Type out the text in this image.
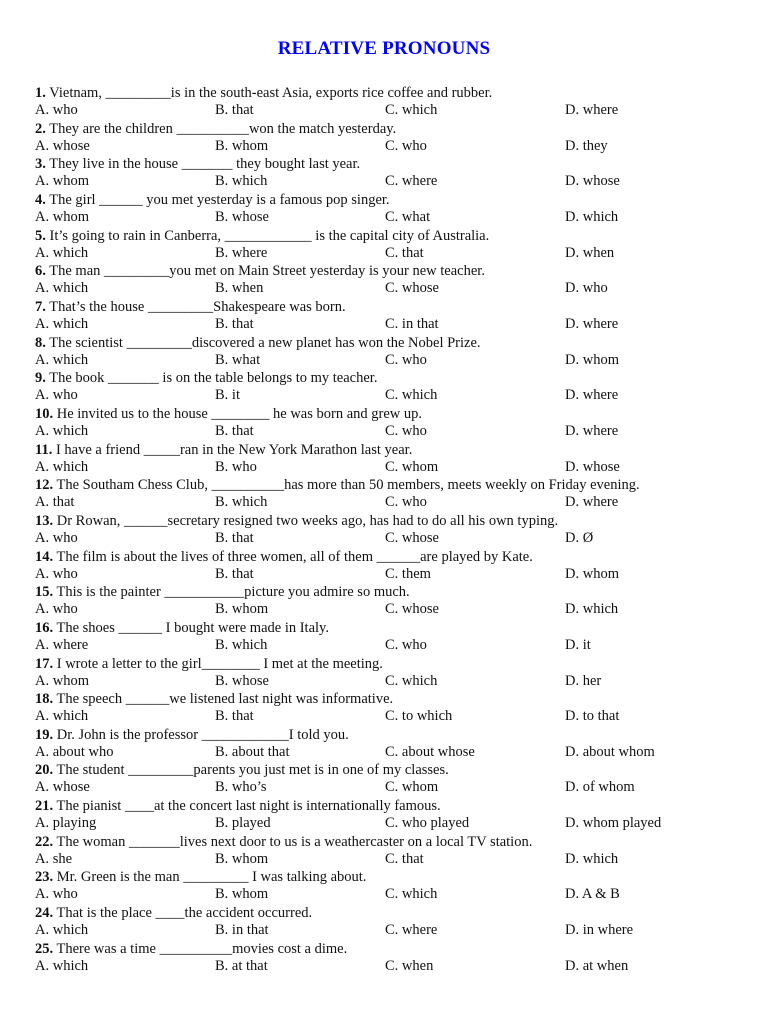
RELATIVE PRONOUNS
1. Vietnam, _________is in the south-east Asia, exports rice coffee and rubber.
A. who	B. that	C. which	D. where
2. They are the children __________won the match yesterday.
A. whose	B. whom	C. who	D. they
3. They live in the house _______ they bought last year.
A. whom	B. which	C. where	D. whose
4. The girl ______ you met yesterday is a famous pop singer.
A. whom	B. whose	C. what	D. which
5. It’s going to rain in Canberra, ____________ is the capital city of Australia.
A. which	B. where	C. that	D. when
6. The man _________you met on Main Street yesterday is your new teacher.
A. which	B. when	C. whose	D. who
7. That’s the house _________Shakespeare was born.
A. which	B. that	C. in that	D. where
8. The scientist _________discovered a new planet has won the Nobel Prize.
A. which	B. what	C. who	D. whom
9. The book _______ is on the table belongs to my teacher.
A. who	B. it	C. which	D. where
10. He invited us to the house ________ he was born and grew up.
A. which	B. that	C. who	D. where
11. I have a friend _____ran in the New York Marathon last year.
A. which	B. who	C. whom	D. whose
12. The Southam Chess Club, __________has more than 50 members, meets weekly on Friday evening.
A. that	B. which	C. who	D. where
13. Dr Rowan, ______secretary resigned two weeks ago, has had to do all his own typing.
A. who	B. that	C. whose	D. Ø
14. The film is about the lives of three women, all of them ______are played by Kate.
A. who	B. that	C. them	D. whom
15. This is the painter ___________picture you admire so much.
A. who	B. whom	C. whose	D. which
16. The shoes ______ I bought were made in Italy.
A. where	B. which	C. who	D. it
17. I wrote a letter to the girl________ I met at the meeting.
A. whom	B. whose	C. which	D. her
18. The speech ______we listened last night was informative.
A. which	B. that	C. to which	D. to that
19. Dr. John is the professor ____________I told you.
A. about who	B. about that	C. about whose	D. about whom
20. The student _________parents you just met is in one of my classes.
A. whose	B. who’s	C. whom	D. of whom
21. The pianist ____at the concert last night is internationally famous.
A. playing	B. played	C. who played	D. whom played
22. The woman _______lives next door to us is a weathercaster on a local TV station.
A. she	B. whom	C. that	D. which
23. Mr. Green is the man _________ I was talking about.
A. who	B. whom	C. which	D. A & B
24. That is the place ____the accident occurred.
A. which	B. in that	C. where	D. in where
25. There was a time __________movies cost a dime.
A. which	B. at that	C. when	D. at when
